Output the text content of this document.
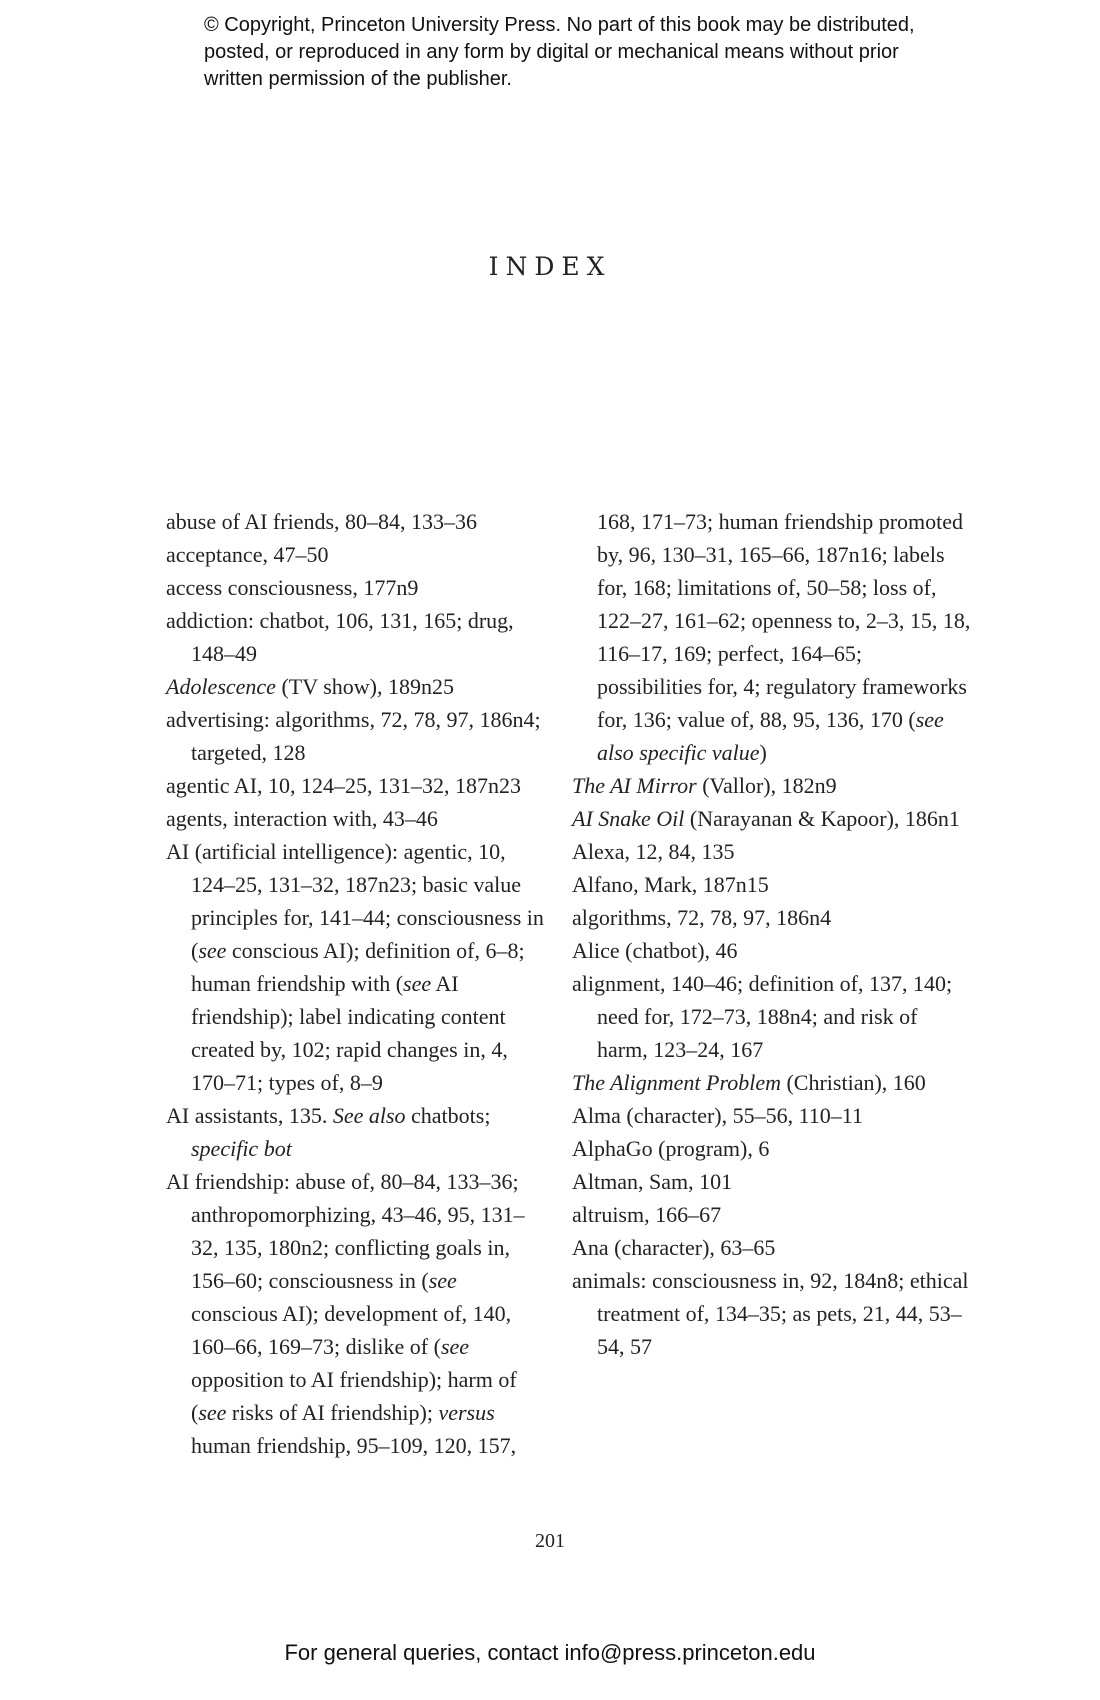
© Copyright, Princeton University Press. No part of this book may be distributed, posted, or reproduced in any form by digital or mechanical means without prior written permission of the publisher.
INDEX

abuse of AI friends, 80–84, 133–36

acceptance, 47–50

access consciousness, 177n9

addiction: chatbot, 106, 131, 165; drug, 148–49

Adolescence (TV show), 189n25

advertising: algorithms, 72, 78, 97, 186n4; targeted, 128

agentic AI, 10, 124–25, 131–32, 187n23

agents, interaction with, 43–46

AI (artificial intelligence): agentic, 10, 124–25, 131–32, 187n23; basic value principles for, 141–44; consciousness in (see conscious AI); definition of, 6–8; human friendship with (see AI friendship); label indicating content created by, 102; rapid changes in, 4, 170–71; types of, 8–9

AI assistants, 135. See also chatbots; specific bot

AI friendship: abuse of, 80–84, 133–36; anthropomorphizing, 43–46, 95, 131–32, 135, 180n2; conflicting goals in, 156–60; consciousness in (see conscious AI); development of, 140, 160–66, 169–73; dislike of (see opposition to AI friendship); harm of (see risks of AI friendship); versus human friendship, 95–109, 120, 157,

168, 171–73; human friendship promoted by, 96, 130–31, 165–66, 187n16; labels for, 168; limitations of, 50–58; loss of, 122–27, 161–62; openness to, 2–3, 15, 18, 116–17, 169; perfect, 164–65; possibilities for, 4; regulatory frameworks for, 136; value of, 88, 95, 136, 170 (see also specific value)

The AI Mirror (Vallor), 182n9

AI Snake Oil (Narayanan & Kapoor), 186n1

Alexa, 12, 84, 135

Alfano, Mark, 187n15

algorithms, 72, 78, 97, 186n4

Alice (chatbot), 46

alignment, 140–46; definition of, 137, 140; need for, 172–73, 188n4; and risk of harm, 123–24, 167

The Alignment Problem (Christian), 160

Alma (character), 55–56, 110–11

AlphaGo (program), 6

Altman, Sam, 101

altruism, 166–67

Ana (character), 63–65

animals: consciousness in, 92, 184n8; ethical treatment of, 134–35; as pets, 21, 44, 53–54, 57

201
For general queries, contact info@press.princeton.edu
